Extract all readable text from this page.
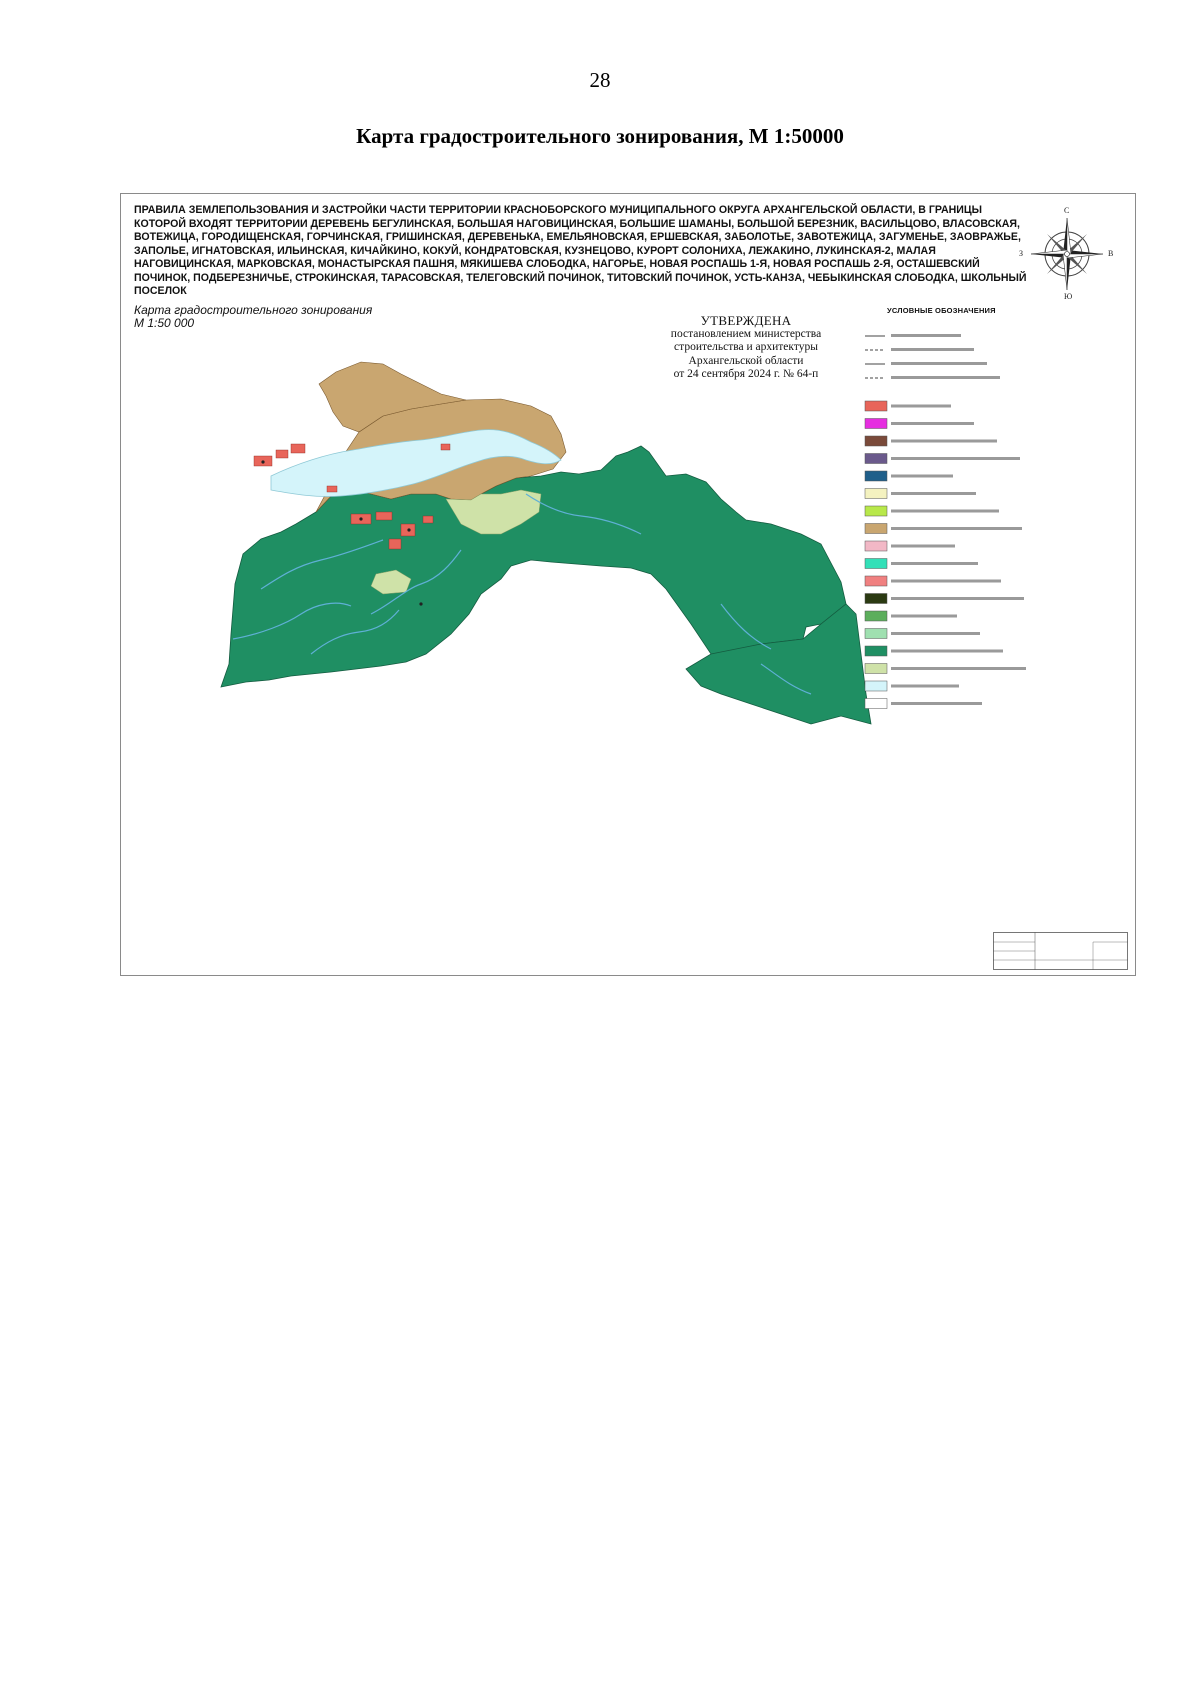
28
Карта градостроительного зонирования, М 1:50000

ПРАВИЛА ЗЕМЛЕПОЛЬЗОВАНИЯ И ЗАСТРОЙКИ ЧАСТИ ТЕРРИТОРИИ КРАСНОБОРСКОГО МУНИЦИПАЛЬНОГО ОКРУГА АРХАНГЕЛЬСКОЙ ОБЛАСТИ, В ГРАНИЦЫ КОТОРОЙ ВХОДЯТ ТЕРРИТОРИИ ДЕРЕВЕНЬ БЕГУЛИНСКАЯ, БОЛЬШАЯ НАГОВИЦИНСКАЯ, БОЛЬШИЕ ШАМАНЫ, БОЛЬШОЙ БЕРЕЗНИК, ВАСИЛЬЦОВО, ВЛАСОВСКАЯ, ВОТЕЖИЦА, ГОРОДИЩЕНСКАЯ, ГОРЧИНСКАЯ, ГРИШИНСКАЯ, ДЕРЕВЕНЬКА, ЕМЕЛЬЯНОВСКАЯ, ЕРШЕВСКАЯ, ЗАБОЛОТЬЕ, ЗАВОТЕЖИЦА, ЗАГУМЕНЬЕ, ЗАОВРАЖЬЕ, ЗАПОЛЬЕ, ИГНАТОВСКАЯ, ИЛЬИНСКАЯ, КИЧАЙКИНО, КОКУЙ, КОНДРАТОВСКАЯ, КУЗНЕЦОВО, КУРОРТ СОЛОНИХА, ЛЕЖАКИНО, ЛУКИНСКАЯ-2, МАЛАЯ НАГОВИЦИНСКАЯ, МАРКОВСКАЯ, МОНАСТЫРСКАЯ ПАШНЯ, МЯКИШЕВА СЛОБОДКА, НАГОРЬЕ, НОВАЯ РОСПАШЬ 1-Я, НОВАЯ РОСПАШЬ 2-Я, ОСТАШЕВСКИЙ ПОЧИНОК, ПОДБЕРЕЗНИЧЬЕ, СТРОКИНСКАЯ, ТАРАСОВСКАЯ, ТЕЛЕГОВСКИЙ ПОЧИНОК, ТИТОВСКИЙ ПОЧИНОК, УСТЬ-КАНЗА, ЧЕБЫКИНСКАЯ СЛОБОДКА, ШКОЛЬНЫЙ ПОСЕЛОК

Карта градостроительного зонирования
М 1:50 000	УТВЕРЖДЕНА
постановлением министерства
строительства и архитектуры
Архангельской области
от 24 сентября 2024 г. № 64-п
С
Ю
В
З
УСЛОВНЫЕ ОБОЗНАЧЕНИЯ
